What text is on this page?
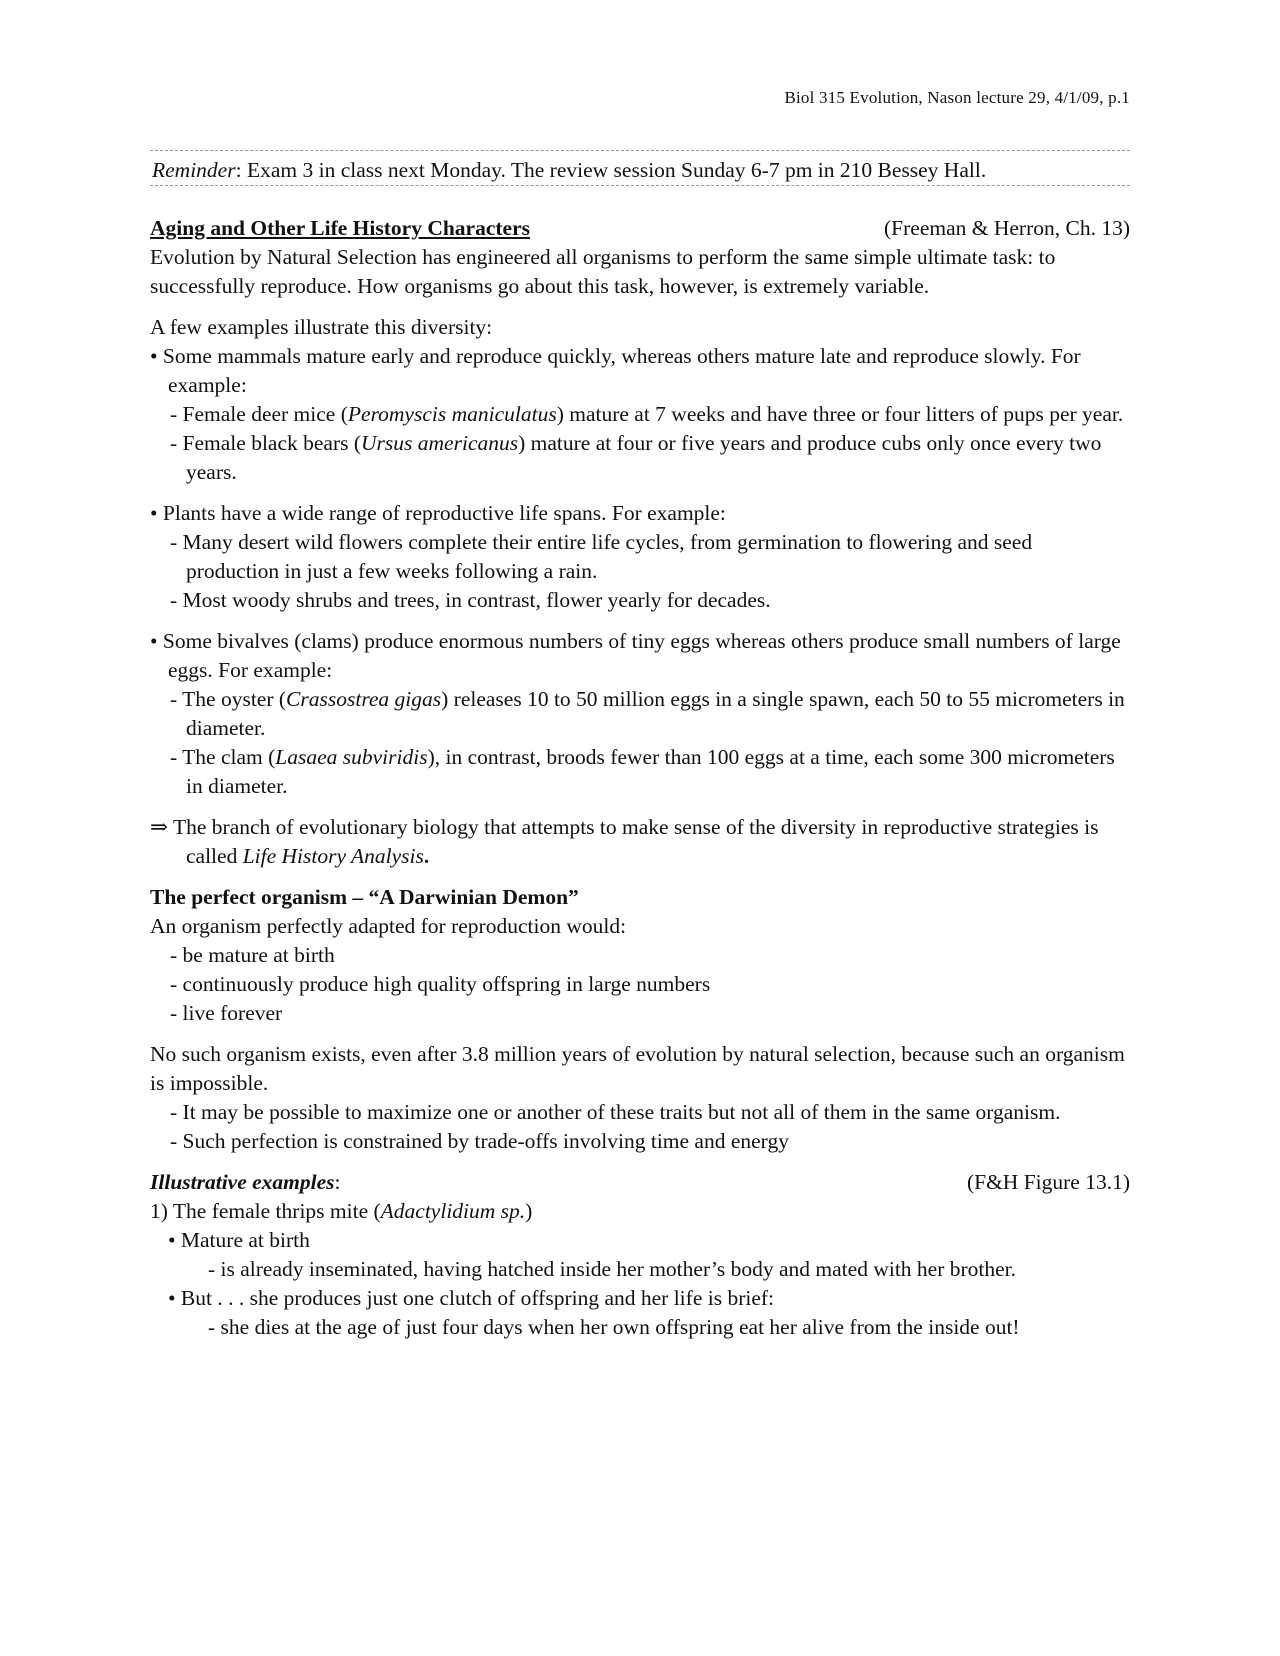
Biol 315 Evolution, Nason lecture 29, 4/1/09, p.1
Reminder: Exam 3 in class next Monday. The review session Sunday 6-7 pm in 210 Bessey Hall.
Aging and Other Life History Characters	(Freeman & Herron, Ch. 13)

Evolution by Natural Selection has engineered all organisms to perform the same simple ultimate task: to successfully reproduce. How organisms go about this task, however, is extremely variable.

A few examples illustrate this diversity:

• Some mammals mature early and reproduce quickly, whereas others mature late and reproduce slowly. For example:

- Female deer mice (Peromyscis maniculatus) mature at 7 weeks and have three or four litters of pups per year.

- Female black bears (Ursus americanus) mature at four or five years and produce cubs only once every two years.

• Plants have a wide range of reproductive life spans. For example:

- Many desert wild flowers complete their entire life cycles, from germination to flowering and seed production in just a few weeks following a rain.

- Most woody shrubs and trees, in contrast, flower yearly for decades.

• Some bivalves (clams) produce enormous numbers of tiny eggs whereas others produce small numbers of large eggs. For example:

- The oyster (Crassostrea gigas) releases 10 to 50 million eggs in a single spawn, each 50 to 55 micrometers in diameter.

- The clam (Lasaea subviridis), in contrast, broods fewer than 100 eggs at a time, each some 300 micrometers in diameter.

⇒ The branch of evolutionary biology that attempts to make sense of the diversity in reproductive strategies is called Life History Analysis.

The perfect organism – “A Darwinian Demon”

An organism perfectly adapted for reproduction would:

- be mature at birth

- continuously produce high quality offspring in large numbers

- live forever

No such organism exists, even after 3.8 million years of evolution by natural selection, because such an organism is impossible.

- It may be possible to maximize one or another of these traits but not all of them in the same organism.

- Such perfection is constrained by trade-offs involving time and energy

Illustrative examples:	(F&H Figure 13.1)

1) The female thrips mite (Adactylidium sp.)

• Mature at birth

- is already inseminated, having hatched inside her mother’s body and mated with her brother.

• But . . . she produces just one clutch of offspring and her life is brief:

- she dies at the age of just four days when her own offspring eat her alive from the inside out!
